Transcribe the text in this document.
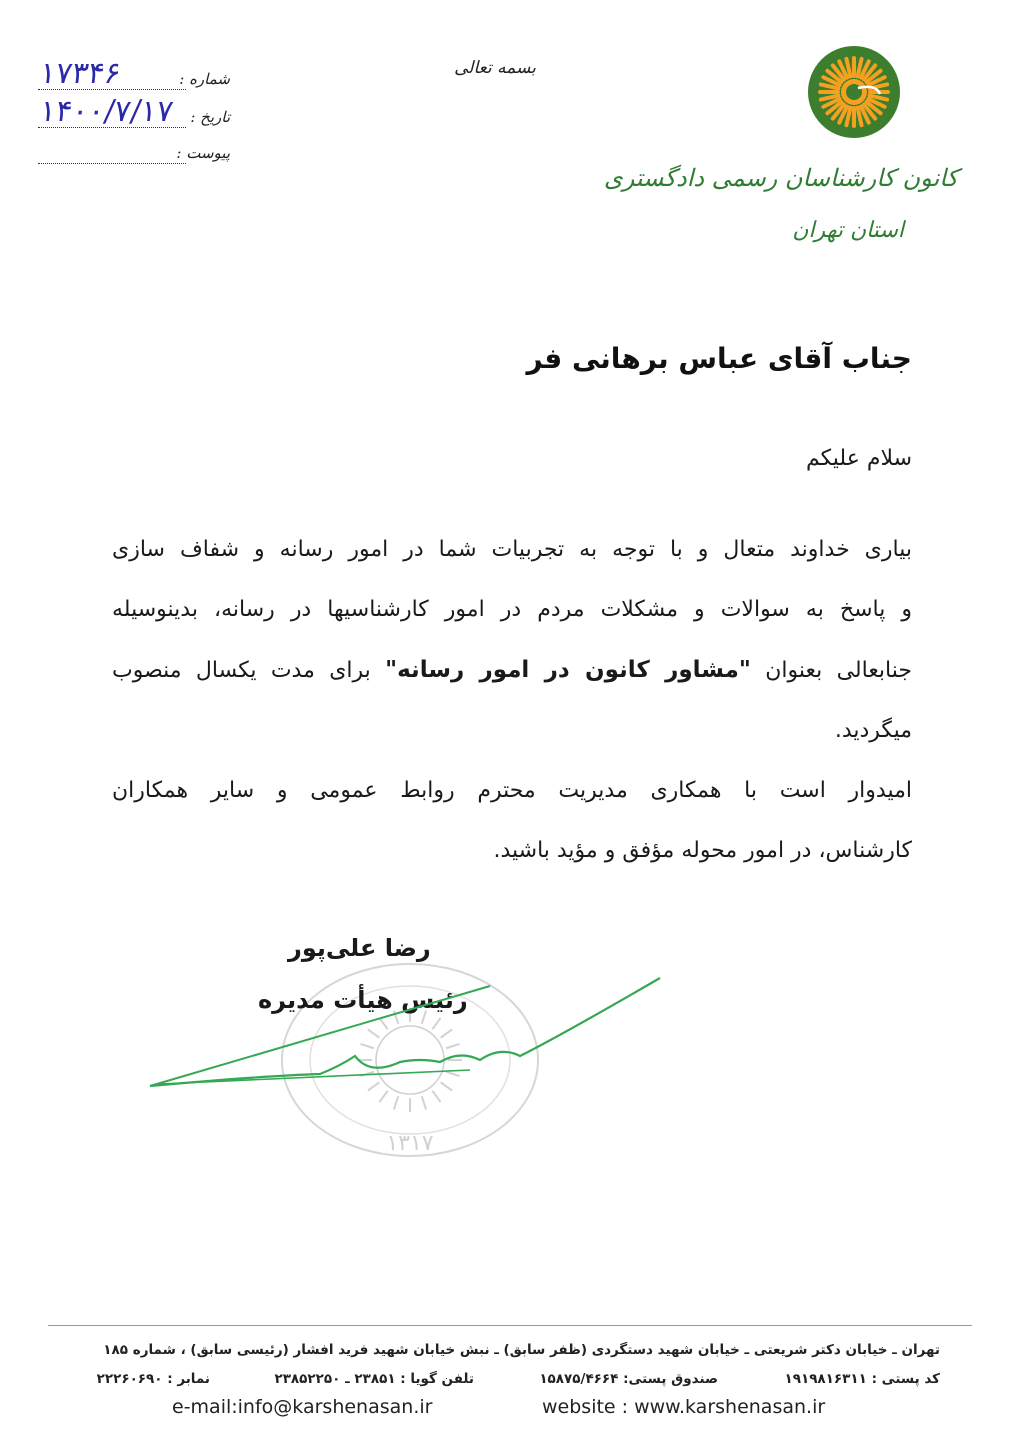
شماره :
۱۷۳۴۶
تاریخ :
۱۴۰۰/۷/۱۷
پیوست :
بسمه تعالی
کانون کارشناسان رسمی دادگستری
استان تهران
جناب آقای عباس برهانی فر
سلام علیکم
بیاری خداوند متعال و با توجه به تجربیات شما در امور رسانه و شفاف سازی
و پاسخ به سوالات و مشکلات مردم در امور کارشناسیها در رسانه، بدینوسیله
جنابعالی بعنوان "مشاور کانون در امور رسانه" برای مدت یکسال منصوب
میگردید.
امیدوار است با همکاری مدیریت محترم روابط عمومی و سایر همکاران
کارشناس، در امور محوله مؤفق و مؤید باشید.
۱۳۱۷
رضا علی‌پور
رئیس هیأت مدیره
تهران ـ خیابان دکتر شریعتی ـ خیابان شهید دستگردی (ظفر سابق) ـ نبش خیابان شهید فرید افشار (رئیسی سابق) ، شماره ۱۸۵
کد پستی : ۱۹۱۹۸۱۶۳۱۱
صندوق پستی: ۱۵۸۷۵/۴۶۶۴
تلفن گویا : ۲۳۸۵۱ ـ ۲۳۸۵۲۲۵۰
نمابر : ۲۲۲۶۰۶۹۰
e-mail:info@karshenasan.ir	website : www.karshenasan.ir
